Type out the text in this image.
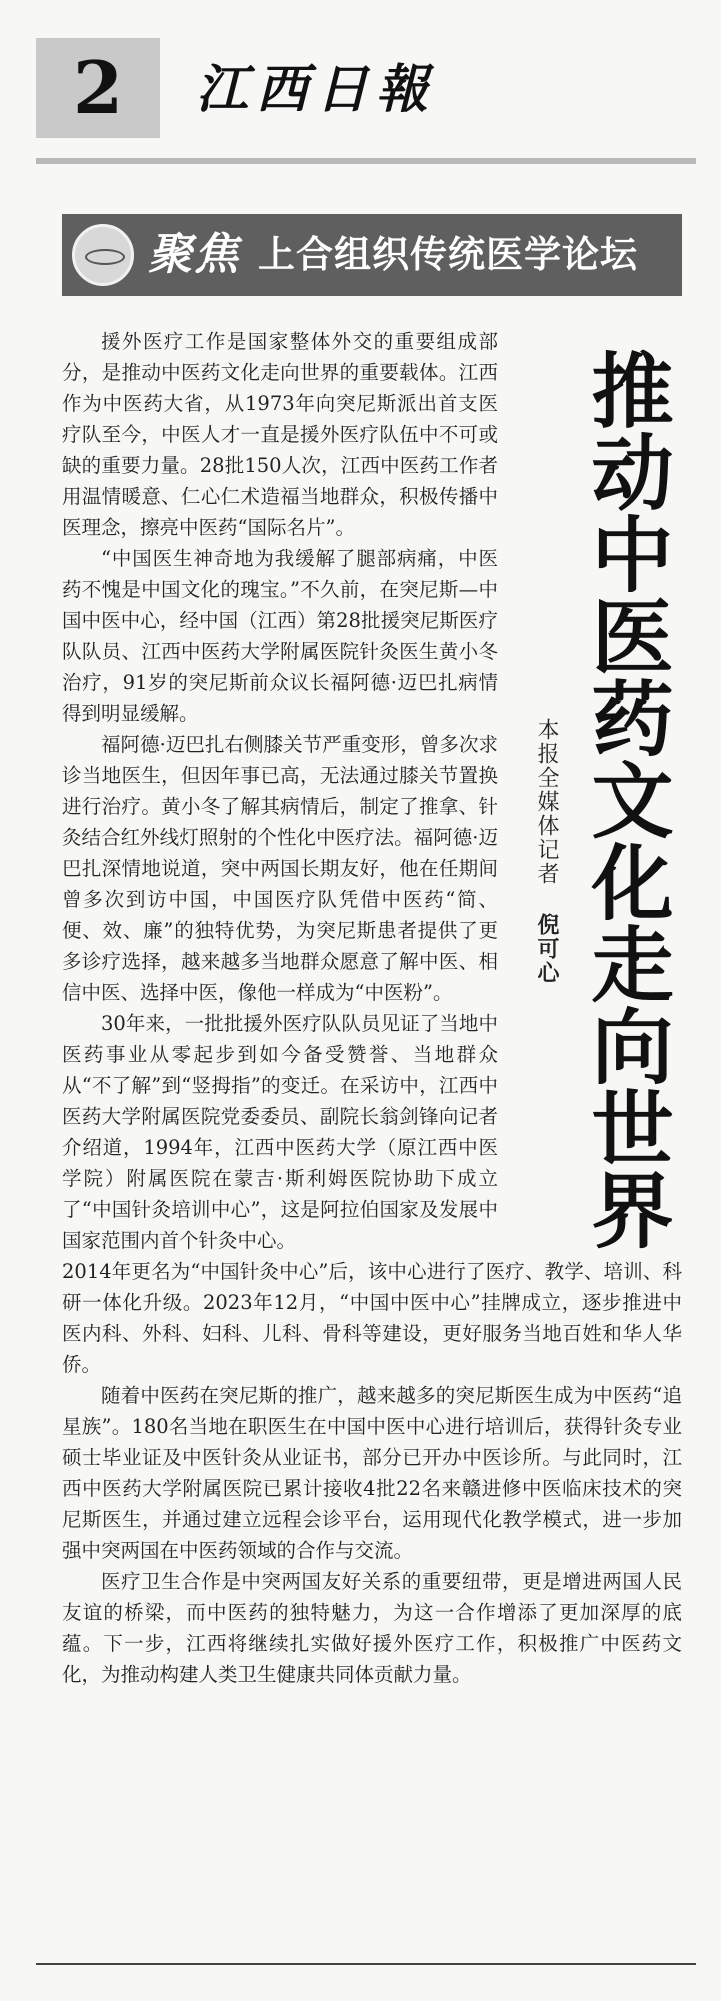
2	江西日報
聚焦 上合组织传统医学论坛
推动中医药文化走向世界
本报全媒体记者 倪可心

援外医疗工作是国家整体外交的重要组成部分，是推动中医药文化走向世界的重要载体。江西作为中医药大省，从1973年向突尼斯派出首支医疗队至今，中医人才一直是援外医疗队伍中不可或缺的重要力量。28批150人次，江西中医药工作者用温情暖意、仁心仁术造福当地群众，积极传播中医理念，擦亮中医药“国际名片”。

“中国医生神奇地为我缓解了腿部病痛，中医药不愧是中国文化的瑰宝。”不久前，在突尼斯—中国中医中心，经中国（江西）第28批援突尼斯医疗队队员、江西中医药大学附属医院针灸医生黄小冬治疗，91岁的突尼斯前众议长福阿德·迈巴扎病情得到明显缓解。

福阿德·迈巴扎右侧膝关节严重变形，曾多次求诊当地医生，但因年事已高，无法通过膝关节置换进行治疗。黄小冬了解其病情后，制定了推拿、针灸结合红外线灯照射的个性化中医疗法。福阿德·迈巴扎深情地说道，突中两国长期友好，他在任期间曾多次到访中国，中国医疗队凭借中医药“简、便、效、廉”的独特优势，为突尼斯患者提供了更多诊疗选择，越来越多当地群众愿意了解中医、相信中医、选择中医，像他一样成为“中医粉”。

30年来，一批批援外医疗队队员见证了当地中医药事业从零起步到如今备受赞誉、当地群众从“不了解”到“竖拇指”的变迁。在采访中，江西中医药大学附属医院党委委员、副院长翁剑锋向记者介绍道，1994年，江西中医药大学（原江西中医学院）附属医院在蒙吉·斯利姆医院协助下成立了“中国针灸培训中心”，这是阿拉伯国家及发展中国家范围内首个针灸中心。

2014年更名为“中国针灸中心”后，该中心进行了医疗、教学、培训、科研一体化升级。2023年12月，“中国中医中心”挂牌成立，逐步推进中医内科、外科、妇科、儿科、骨科等建设，更好服务当地百姓和华人华侨。

随着中医药在突尼斯的推广，越来越多的突尼斯医生成为中医药“追星族”。180名当地在职医生在中国中医中心进行培训后，获得针灸专业硕士毕业证及中医针灸从业证书，部分已开办中医诊所。与此同时，江西中医药大学附属医院已累计接收4批22名来赣进修中医临床技术的突尼斯医生，并通过建立远程会诊平台，运用现代化教学模式，进一步加强中突两国在中医药领域的合作与交流。

医疗卫生合作是中突两国友好关系的重要纽带，更是增进两国人民友谊的桥梁，而中医药的独特魅力，为这一合作增添了更加深厚的底蕴。下一步，江西将继续扎实做好援外医疗工作，积极推广中医药文化，为推动构建人类卫生健康共同体贡献力量。
